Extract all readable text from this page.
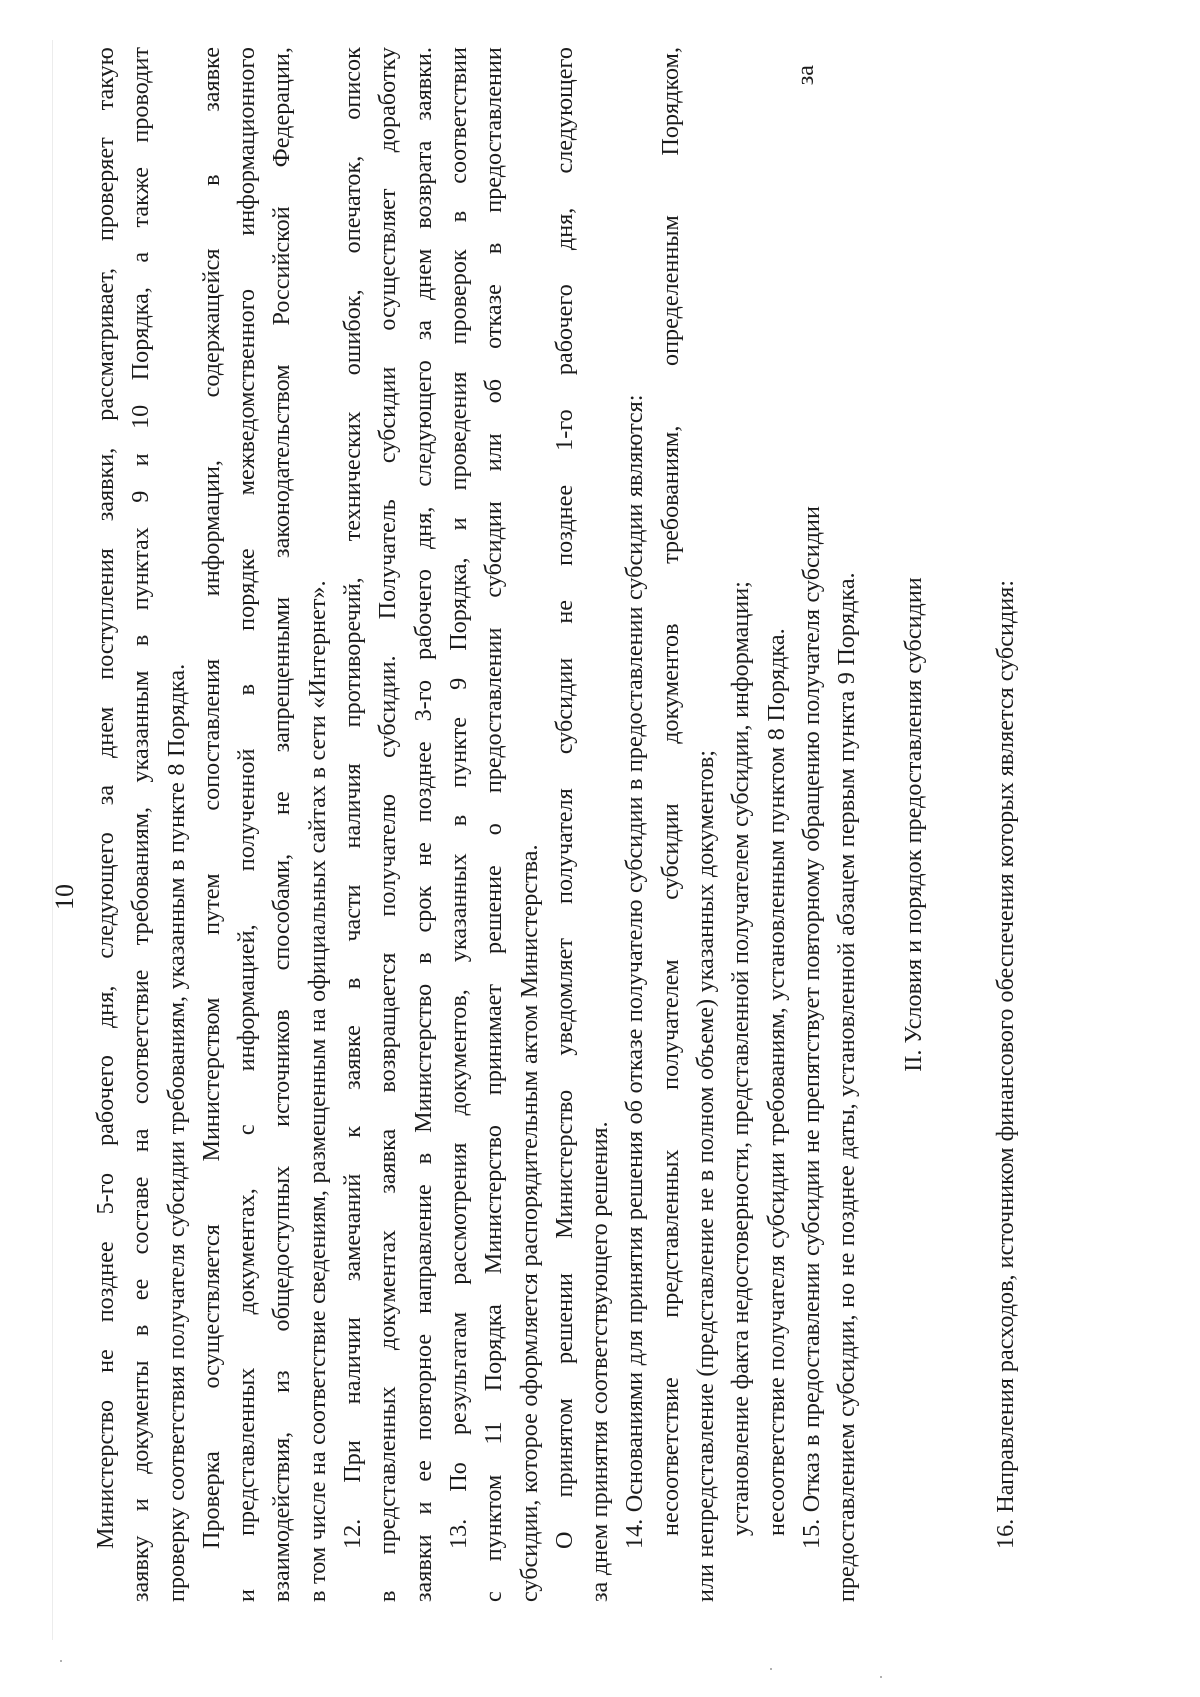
10
Министерство
не
позднее
5-го
рабочего
дня,
следующего
за
днем
поступления
заявки,
рассматривает,
проверяет
такую
заявку
и
документы
в
ее
составе
на
соответствие
требованиям,
указанным
в
пунктах
9
и
10
Порядка,
а
также
проводит
проверку
соответствия
получателя
субсидии
требованиям,
указанным
в
пункте
8
Порядка.
Проверка
осуществляется
Министерством
путем
сопоставления
информации,
содержащейся
в
заявке
и
представленных
документах,
с
информацией,
полученной
в
порядке
межведомственного
информационного
взаимодействия,
из
общедоступных
источников
способами,
не
запрещенными
законодательством
Российской
Федерации,
в
том
числе
на
соответствие
сведениям,
размещенным
на
официальных
сайтах
в
сети
«Интернет».
12.
При
наличии
замечаний
к
заявке
в
части
наличия
противоречий,
технических
ошибок,
опечаток,
описок
в
представленных
документах
заявка
возвращается
получателю
субсидии.
Получатель
субсидии
осуществляет
доработку
заявки
и
ее
повторное
направление
в
Министерство
в
срок
не
позднее
3-го
рабочего
дня,
следующего
за
днем
возврата
заявки.
13.
По
результатам
рассмотрения
документов,
указанных
в
пункте
9
Порядка,
и
проведения
проверок
в
соответствии
с
пунктом
11
Порядка
Министерство
принимает
решение
о
предоставлении
субсидии
или
об
отказе
в
предоставлении
субсидии,
которое
оформляется
распорядительным
актом
Министерства.
О
принятом
решении
Министерство
уведомляет
получателя
субсидии
не
позднее
1-го
рабочего
дня,
следующего
за
днем
принятия
соответствующего
решения.
14.
Основаниями
для
принятия
решения
об
отказе
получателю
субсидии
в
предоставлении
субсидии
являются:
несоответствие
представленных
получателем
субсидии
документов
требованиям,
определенным
Порядком,
или
непредставление
(представление
не
в
полном
объеме)
указанных
документов;
установление
факта
недостоверности,
представленной
получателем
субсидии,
информации;
несоответствие
получателя
субсидии
требованиям,
установленным
пунктом
8
Порядка.
15.
Отказ
в
предоставлении
субсидии
не
препятствует
повторному
обращению
получателя
субсидии
предоставлением
субсидии,
но
не
позднее
даты,
установленной
абзацем
первым
пункта
9
Порядка.
за
II. Условия и порядок предоставления субсидии	16. Направления расходов, источником финансового обеспечения которых является субсидия:
